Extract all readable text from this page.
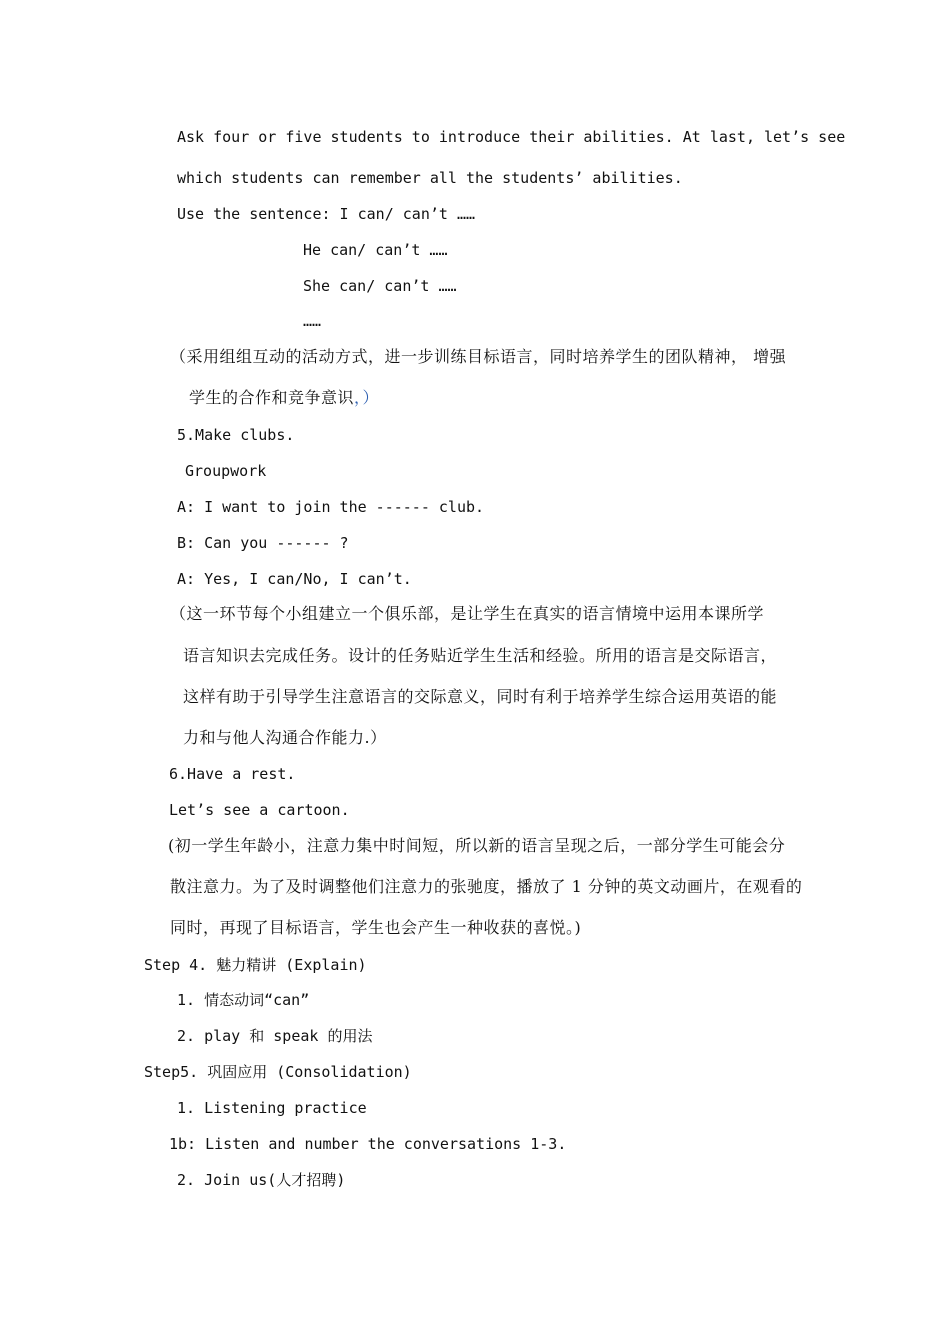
Ask four or five students to introduce their abilities. At last, let’s see
which students can remember all the students’ abilities.
Use the sentence: I can/ can’t ……
He can/ can’t ……
She can/ can’t ……
……
（采用组组互动的活动方式，进一步训练目标语言，同时培养学生的团队精神， 增强
学生的合作和竞争意识，）
5.Make clubs.
Groupwork
A: I want to join the ------ club.
B: Can you ------ ?
A: Yes, I can/No, I can’t.
（这一环节每个小组建立一个俱乐部，是让学生在真实的语言情境中运用本课所学
语言知识去完成任务。设计的任务贴近学生生活和经验。所用的语言是交际语言，
这样有助于引导学生注意语言的交际意义，同时有利于培养学生综合运用英语的能
力和与他人沟通合作能力.）
6.Have a rest.
Let’s see a cartoon.
(初一学生年龄小，注意力集中时间短，所以新的语言呈现之后，一部分学生可能会分
散注意力。为了及时调整他们注意力的张驰度，播放了 1 分钟的英文动画片，在观看的
同时，再现了目标语言，学生也会产生一种收获的喜悦。)
Step 4. 魅力精讲 (Explain)
1. 情态动词“can”
2. play 和 speak 的用法
Step5. 巩固应用 (Consolidation)
1. Listening practice
1b: Listen and number the conversations 1-3.
2. Join us(人才招聘)
